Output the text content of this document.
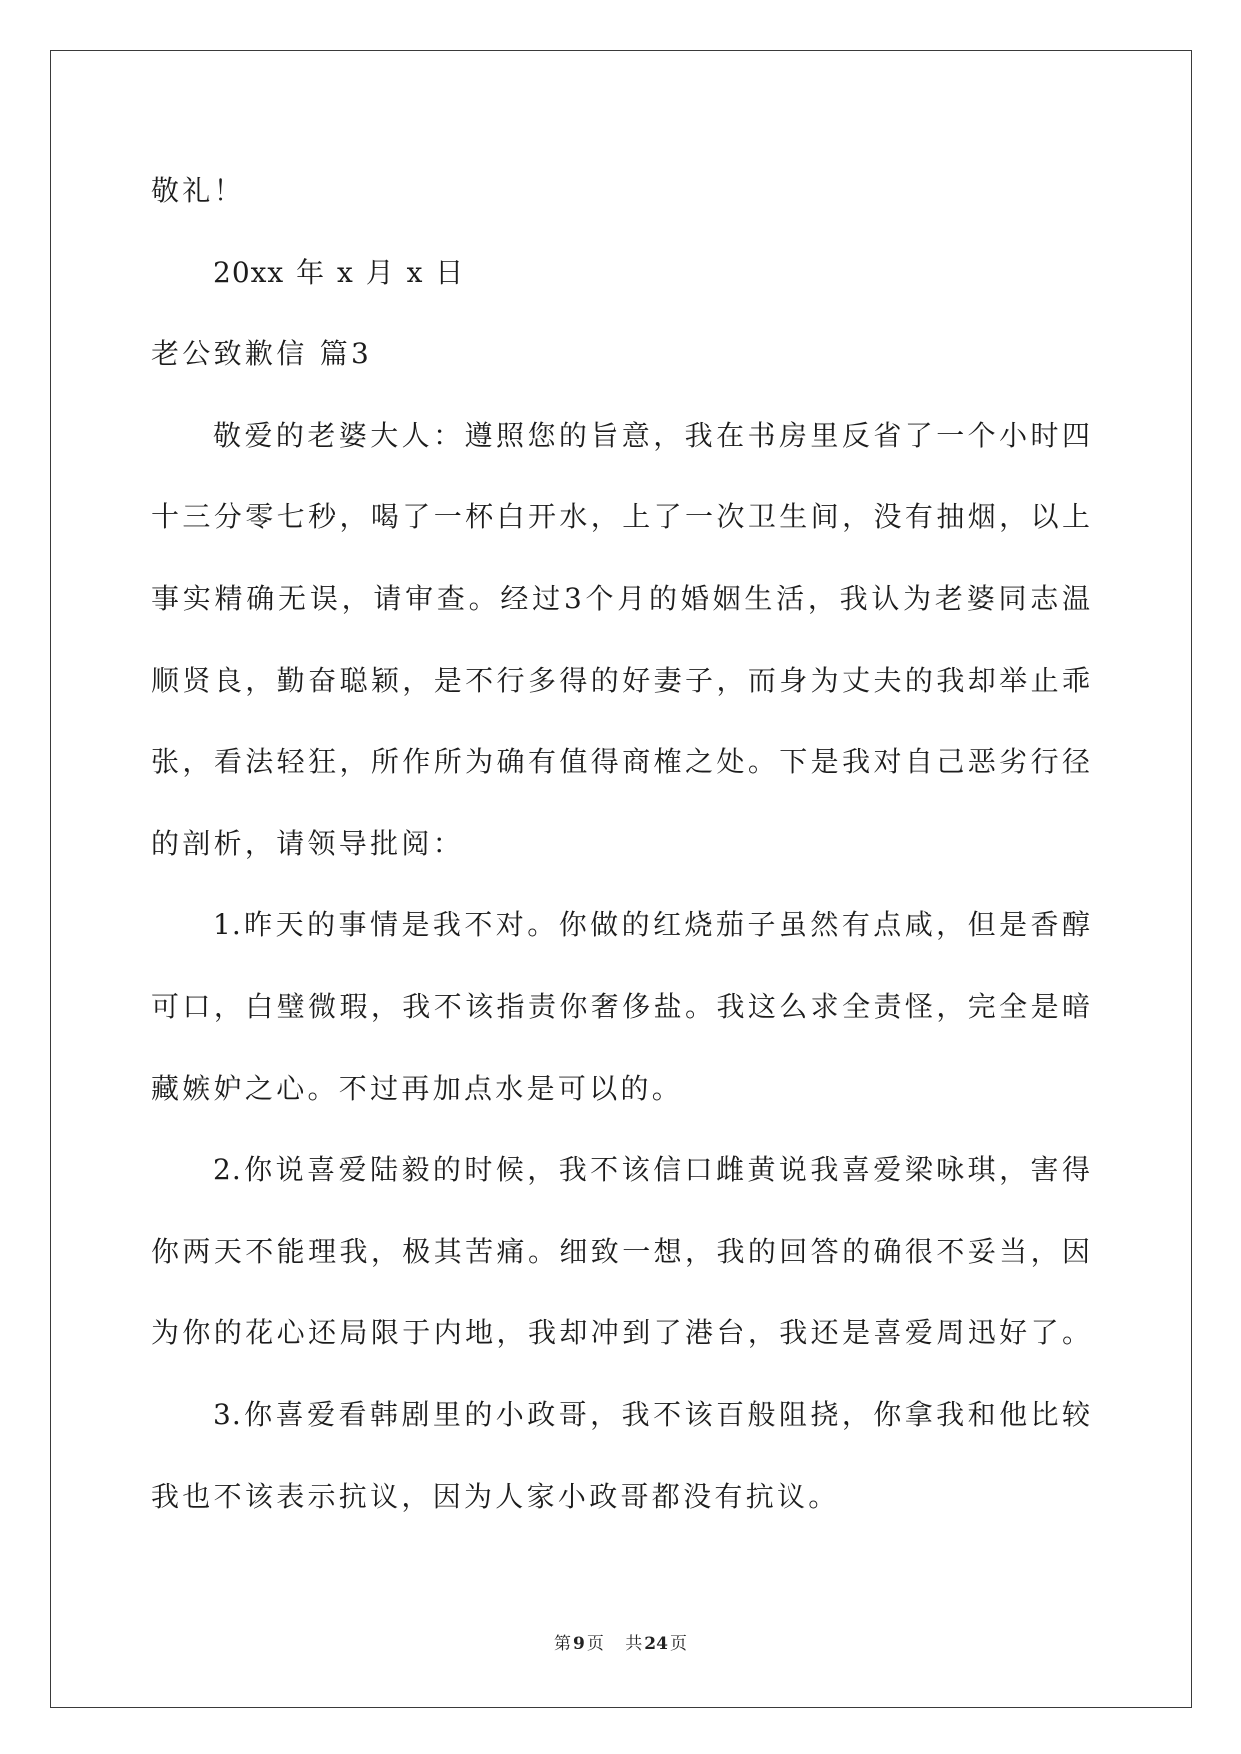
敬礼！
20xx 年 x 月 x 日
老公致歉信 篇3
敬爱的老婆大人：遵照您的旨意，我在书房里反省了一个小时四
十三分零七秒，喝了一杯白开水，上了一次卫生间，没有抽烟，以上
事实精确无误，请审查。经过3个月的婚姻生活，我认为老婆同志温
顺贤良，勤奋聪颖，是不行多得的好妻子，而身为丈夫的我却举止乖
张，看法轻狂，所作所为确有值得商榷之处。下是我对自己恶劣行径
的剖析，请领导批阅：
1.昨天的事情是我不对。你做的红烧茄子虽然有点咸，但是香醇
可口，白璧微瑕，我不该指责你奢侈盐。我这么求全责怪，完全是暗
藏嫉妒之心。不过再加点水是可以的。
2.你说喜爱陆毅的时候，我不该信口雌黄说我喜爱梁咏琪，害得
你两天不能理我，极其苦痛。细致一想，我的回答的确很不妥当，因
为你的花心还局限于内地，我却冲到了港台，我还是喜爱周迅好了。
3.你喜爱看韩剧里的小政哥，我不该百般阻挠，你拿我和他比较
我也不该表示抗议，因为人家小政哥都没有抗议。
第 9 页 共 24 页
